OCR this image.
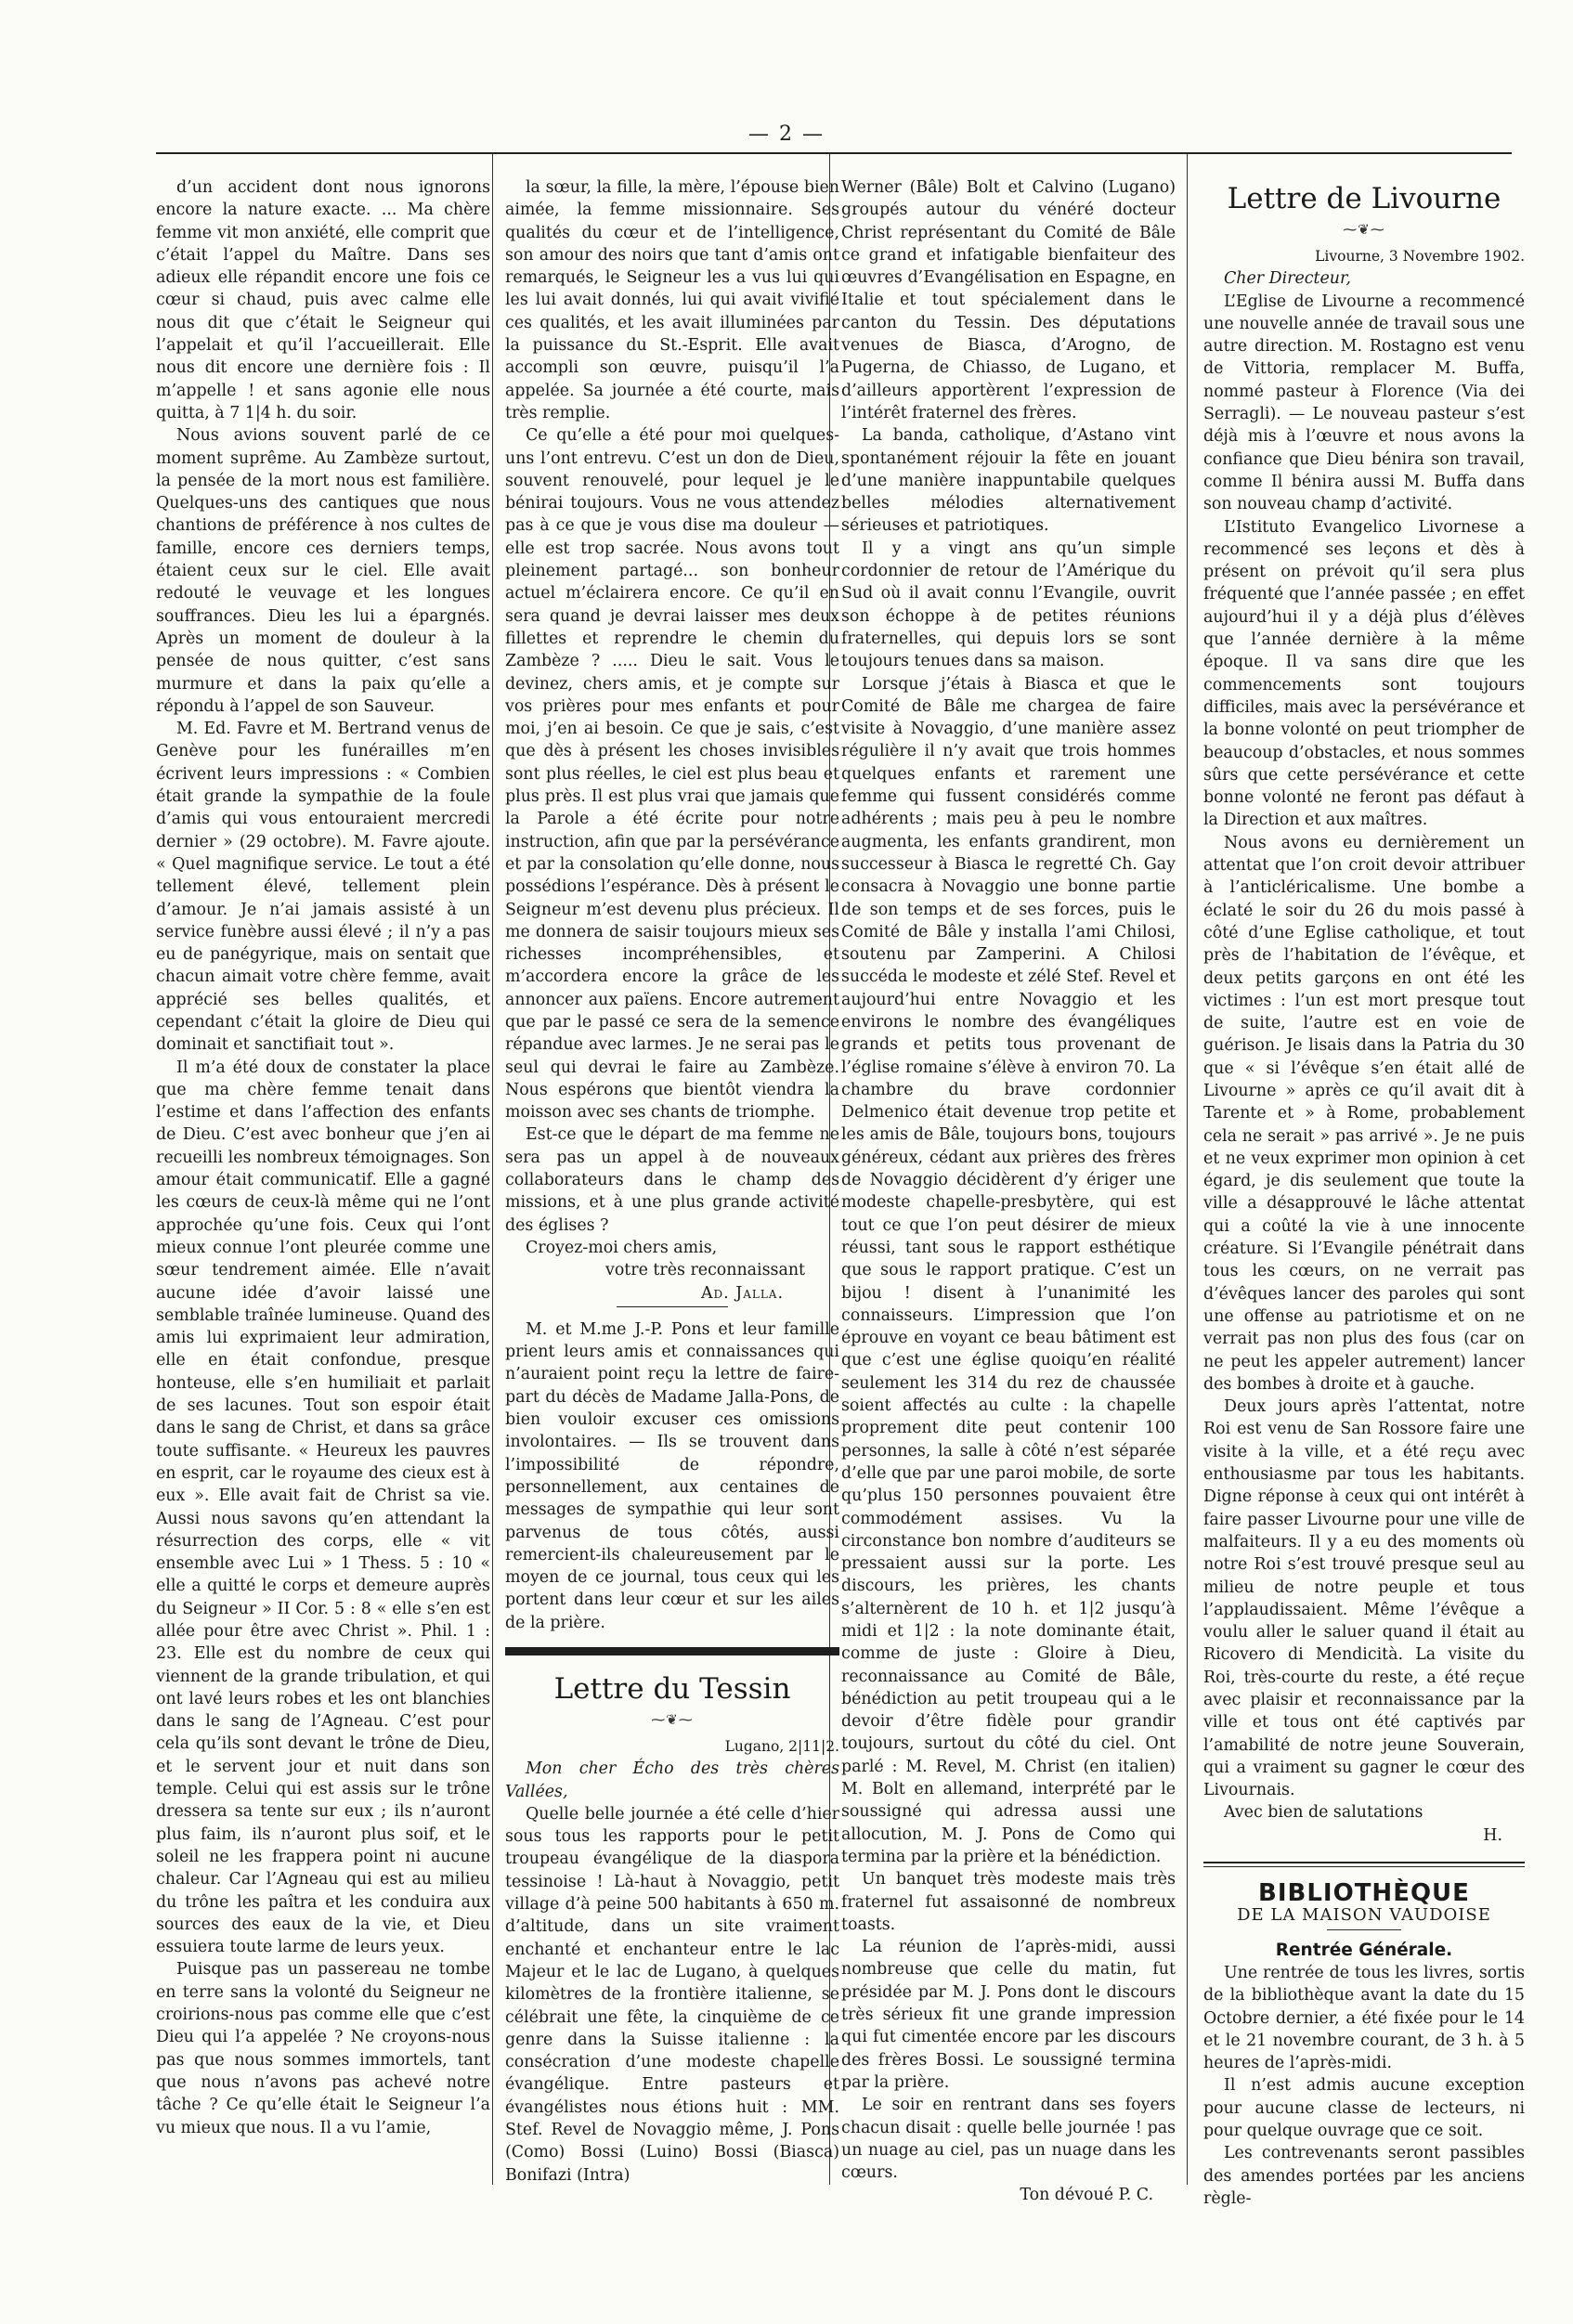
— 2 —

d’un accident dont nous ignorons encore la nature exacte. ... Ma chère femme vit mon anxiété, elle comprit que c’était l’appel du Maître. Dans ses adieux elle répandit encore une fois ce cœur si chaud, puis avec calme elle nous dit que c’était le Seigneur qui l’appelait et qu’il l’accueillerait. Elle nous dit encore une dernière fois : Il m’appelle ! et sans agonie elle nous quitta, à 7 1|4 h. du soir.

Nous avions souvent parlé de ce moment suprême. Au Zambèze surtout, la pensée de la mort nous est familière. Quelques-uns des cantiques que nous chantions de préférence à nos cultes de famille, encore ces derniers temps, étaient ceux sur le ciel. Elle avait redouté le veuvage et les longues souffrances. Dieu les lui a épargnés. Après un moment de douleur à la pensée de nous quitter, c’est sans murmure et dans la paix qu’elle a répondu à l’appel de son Sauveur.

M. Ed. Favre et M. Bertrand venus de Genève pour les funérailles m’en écrivent leurs impressions : « Combien était grande la sympathie de la foule d’amis qui vous entouraient mercredi dernier » (29 octobre). M. Favre ajoute. « Quel magnifique service. Le tout a été tellement élevé, tellement plein d’amour. Je n’ai jamais assisté à un service funèbre aussi élevé ; il n’y a pas eu de panégyrique, mais on sentait que chacun aimait votre chère femme, avait apprécié ses belles qualités, et cependant c’était la gloire de Dieu qui dominait et sanctifiait tout ».

Il m’a été doux de constater la place que ma chère femme tenait dans l’estime et dans l’affection des enfants de Dieu. C’est avec bonheur que j’en ai recueilli les nombreux témoignages. Son amour était communicatif. Elle a gagné les cœurs de ceux-là même qui ne l’ont approchée qu’une fois. Ceux qui l’ont mieux connue l’ont pleurée comme une sœur tendrement aimée. Elle n’avait aucune idée d’avoir laissé une semblable traînée lumineuse. Quand des amis lui exprimaient leur admiration, elle en était confondue, presque honteuse, elle s’en humiliait et parlait de ses lacunes. Tout son espoir était dans le sang de Christ, et dans sa grâce toute suffisante. « Heureux les pauvres en esprit, car le royaume des cieux est à eux ». Elle avait fait de Christ sa vie. Aussi nous savons qu’en attendant la résurrection des corps, elle « vit ensemble avec Lui » 1 Thess. 5 : 10 « elle a quitté le corps et demeure auprès du Seigneur » II Cor. 5 : 8 « elle s’en est allée pour être avec Christ ». Phil. 1 : 23. Elle est du nombre de ceux qui viennent de la grande tribulation, et qui ont lavé leurs robes et les ont blanchies dans le sang de l’Agneau. C’est pour cela qu’ils sont devant le trône de Dieu, et le servent jour et nuit dans son temple. Celui qui est assis sur le trône dressera sa tente sur eux ; ils n’auront plus faim, ils n’auront plus soif, et le soleil ne les frappera point ni aucune chaleur. Car l’Agneau qui est au milieu du trône les paîtra et les conduira aux sources des eaux de la vie, et Dieu essuiera toute larme de leurs yeux.

Puisque pas un passereau ne tombe en terre sans la volonté du Seigneur ne croirions-nous pas comme elle que c’est Dieu qui l’a appelée ? Ne croyons-nous pas que nous sommes immortels, tant que nous n’avons pas achevé notre tâche ? Ce qu’elle était le Seigneur l’a vu mieux que nous. Il a vu l’amie,

la sœur, la fille, la mère, l’épouse bien aimée, la femme missionnaire. Ses qualités du cœur et de l’intelligence, son amour des noirs que tant d’amis ont remarqués, le Seigneur les a vus lui qui les lui avait donnés, lui qui avait vivifié ces qualités, et les avait illuminées par la puissance du St.-Esprit. Elle avait accompli son œuvre, puisqu’il l’a appelée. Sa journée a été courte, mais très remplie.

Ce qu’elle a été pour moi quelques-uns l’ont entrevu. C’est un don de Dieu, souvent renouvelé, pour lequel je le bénirai toujours. Vous ne vous attendez pas à ce que je vous dise ma douleur — elle est trop sacrée. Nous avons tout pleinement partagé... son bonheur actuel m’éclairera encore. Ce qu’il en sera quand je devrai laisser mes deux fillettes et reprendre le chemin du Zambèze ? ..... Dieu le sait. Vous le devinez, chers amis, et je compte sur vos prières pour mes enfants et pour moi, j’en ai besoin. Ce que je sais, c’est que dès à présent les choses invisibles sont plus réelles, le ciel est plus beau et plus près. Il est plus vrai que jamais que la Parole a été écrite pour notre instruction, afin que par la persévérance et par la consolation qu’elle donne, nous possédions l’espérance. Dès à présent le Seigneur m’est devenu plus précieux. Il me donnera de saisir toujours mieux ses richesses incompréhensibles, et m’accordera encore la grâce de les annoncer aux païens. Encore autrement que par le passé ce sera de la semence répandue avec larmes. Je ne serai pas le seul qui devrai le faire au Zambèze. Nous espérons que bientôt viendra la moisson avec ses chants de triomphe.

Est-ce que le départ de ma femme ne sera pas un appel à de nouveaux collaborateurs dans le champ des missions, et à une plus grande activité des églises ?

Croyez-moi chers amis,

votre très reconnaissant

Ad. Jalla.

M. et M.me J.-P. Pons et leur famille prient leurs amis et connaissances qui n’auraient point reçu la lettre de faire-part du décès de Madame Jalla-Pons, de bien vouloir excuser ces omissions involontaires. — Ils se trouvent dans l’impossibilité de répondre, personnellement, aux centaines de messages de sympathie qui leur sont parvenus de tous côtés, aussi remercient-ils chaleureusement par le moyen de ce journal, tous ceux qui les portent dans leur cœur et sur les ailes de la prière.

Lettre du Tessin
⁓❦⁓

Lugano, 2|11|2.

Mon cher Écho des très chères Vallées,

Quelle belle journée a été celle d’hier sous tous les rapports pour le petit troupeau évangélique de la diaspora tessinoise ! Là-haut à Novaggio, petit village d’à peine 500 habitants à 650 m. d’altitude, dans un site vraiment enchanté et enchanteur entre le lac Majeur et le lac de Lugano, à quelques kilomètres de la frontière italienne, se célébrait une fête, la cinquième de ce genre dans la Suisse italienne : la consécration d’une modeste chapelle évangélique. Entre pasteurs et évangélistes nous étions huit : MM. Stef. Revel de Novaggio même, J. Pons (Como) Bossi (Luino) Bossi (Biasca) Bonifazi (Intra)

Werner (Bâle) Bolt et Calvino (Lugano) groupés autour du vénéré docteur Christ représentant du Comité de Bâle ce grand et infatigable bienfaiteur des œuvres d’Evangélisation en Espagne, en Italie et tout spécialement dans le canton du Tessin. Des députations venues de Biasca, d’Arogno, de Pugerna, de Chiasso, de Lugano, et d’ailleurs apportèrent l’expression de l’intérêt fraternel des frères.

La banda, catholique, d’Astano vint spontanément réjouir la fête en jouant d’une manière inappuntabile quelques belles mélodies alternativement sérieuses et patriotiques.

Il y a vingt ans qu’un simple cordonnier de retour de l’Amérique du Sud où il avait connu l’Evangile, ouvrit son échoppe à de petites réunions fraternelles, qui depuis lors se sont toujours tenues dans sa maison.

Lorsque j’étais à Biasca et que le Comité de Bâle me chargea de faire visite à Novaggio, d’une manière assez régulière il n’y avait que trois hommes quelques enfants et rarement une femme qui fussent considérés comme adhérents ; mais peu à peu le nombre augmenta, les enfants grandirent, mon successeur à Biasca le regretté Ch. Gay consacra à Novaggio une bonne partie de son temps et de ses forces, puis le Comité de Bâle y installa l’ami Chilosi, soutenu par Zamperini. A Chilosi succéda le modeste et zélé Stef. Revel et aujourd’hui entre Novaggio et les environs le nombre des évangéliques grands et petits tous provenant de l’église romaine s’élève à environ 70. La chambre du brave cordonnier Delmenico était devenue trop petite et les amis de Bâle, toujours bons, toujours généreux, cédant aux prières des frères de Novaggio décidèrent d’y ériger une modeste chapelle-presbytère, qui est tout ce que l’on peut désirer de mieux réussi, tant sous le rapport esthétique que sous le rapport pratique. C’est un bijou ! disent à l’unanimité les connaisseurs. L’impression que l’on éprouve en voyant ce beau bâtiment est que c’est une église quoiqu’en réalité seulement les 314 du rez de chaussée soient affectés au culte : la chapelle proprement dite peut contenir 100 personnes, la salle à côté n’est séparée d’elle que par une paroi mobile, de sorte qu’plus 150 personnes pouvaient être commodément assises. Vu la circonstance bon nombre d’auditeurs se pressaient aussi sur la porte. Les discours, les prières, les chants s’alternèrent de 10 h. et 1|2 jusqu’à midi et 1|2 : la note dominante était, comme de juste : Gloire à Dieu, reconnaissance au Comité de Bâle, bénédiction au petit troupeau qui a le devoir d’être fidèle pour grandir toujours, surtout du côté du ciel. Ont parlé : M. Revel, M. Christ (en italien) M. Bolt en allemand, interprété par le soussigné qui adressa aussi une allocution, M. J. Pons de Como qui termina par la prière et la bénédiction.

Un banquet très modeste mais très fraternel fut assaisonné de nombreux toasts.

La réunion de l’après-midi, aussi nombreuse que celle du matin, fut présidée par M. J. Pons dont le discours très sérieux fit une grande impression qui fut cimentée encore par les discours des frères Bossi. Le soussigné termina par la prière.

Le soir en rentrant dans ses foyers chacun disait : quelle belle journée ! pas un nuage au ciel, pas un nuage dans les cœurs.

Ton dévoué P. C.

Lettre de Livourne
⁓❦⁓

Livourne, 3 Novembre 1902.

Cher Directeur,

L’Eglise de Livourne a recommencé une nouvelle année de travail sous une autre direction. M. Rostagno est venu de Vittoria, remplacer M. Buffa, nommé pasteur à Florence (Via dei Serragli). — Le nouveau pasteur s’est déjà mis à l’œuvre et nous avons la confiance que Dieu bénira son travail, comme Il bénira aussi M. Buffa dans son nouveau champ d’activité.

L’Istituto Evangelico Livornese a recommencé ses leçons et dès à présent on prévoit qu’il sera plus fréquenté que l’année passée ; en effet aujourd’hui il y a déjà plus d’élèves que l’année dernière à la même époque. Il va sans dire que les commencements sont toujours difficiles, mais avec la persévérance et la bonne volonté on peut triompher de beaucoup d’obstacles, et nous sommes sûrs que cette persévérance et cette bonne volonté ne feront pas défaut à la Direction et aux maîtres.

Nous avons eu dernièrement un attentat que l’on croit devoir attribuer à l’anticléricalisme. Une bombe a éclaté le soir du 26 du mois passé à côté d’une Eglise catholique, et tout près de l’habitation de l’évêque, et deux petits garçons en ont été les victimes : l’un est mort presque tout de suite, l’autre est en voie de guérison. Je lisais dans la Patria du 30 que « si l’évêque s’en était allé de Livourne » après ce qu’il avait dit à Tarente et » à Rome, probablement cela ne serait » pas arrivé ». Je ne puis et ne veux exprimer mon opinion à cet égard, je dis seulement que toute la ville a désapprouvé le lâche attentat qui a coûté la vie à une innocente créature. Si l’Evangile pénétrait dans tous les cœurs, on ne verrait pas d’évêques lancer des paroles qui sont une offense au patriotisme et on ne verrait pas non plus des fous (car on ne peut les appeler autrement) lancer des bombes à droite et à gauche.

Deux jours après l’attentat, notre Roi est venu de San Rossore faire une visite à la ville, et a été reçu avec enthousiasme par tous les habitants. Digne réponse à ceux qui ont intérêt à faire passer Livourne pour une ville de malfaiteurs. Il y a eu des moments où notre Roi s’est trouvé presque seul au milieu de notre peuple et tous l’applaudissaient. Même l’évêque a voulu aller le saluer quand il était au Ricovero di Mendicità. La visite du Roi, très-courte du reste, a été reçue avec plaisir et reconnaissance par la ville et tous ont été captivés par l’amabilité de notre jeune Souverain, qui a vraiment su gagner le cœur des Livournais.

Avec bien de salutations

H.

BIBLIOTHÈQUE

DE LA MAISON VAUDOISE

Rentrée Générale.

Une rentrée de tous les livres, sortis de la bibliothèque avant la date du 15 Octobre dernier, a été fixée pour le 14 et le 21 novembre courant, de 3 h. à 5 heures de l’après-midi.

Il n’est admis aucune exception pour aucune classe de lecteurs, ni pour quelque ouvrage que ce soit.

Les contrevenants seront passibles des amendes portées par les anciens règle-
